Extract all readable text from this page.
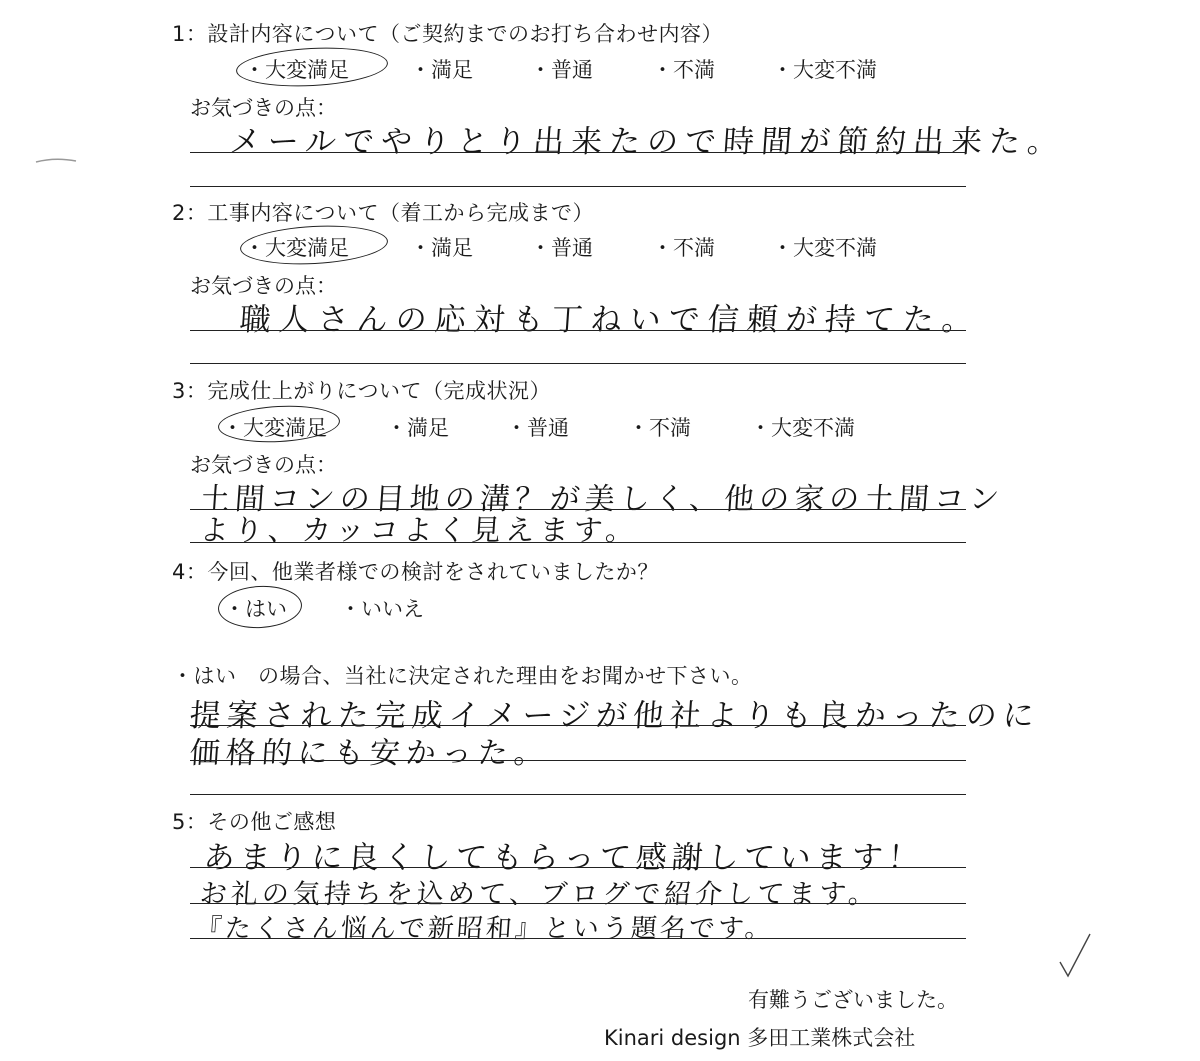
1：設計内容について（ご契約までのお打ち合わせ内容）
・大変満足	・満足	・普通	・不満	・大変不満
お気づきの点：
メールでやりとり出来たので時間が節約出来た。
2：工事内容について（着工から完成まで）
・大変満足	・満足	・普通	・不満	・大変不満
お気づきの点：
職人さんの応対も丁ねいで信頼が持てた。
3：完成仕上がりについて（完成状況）
・大変満足	・満足	・普通	・不満	・大変不満
お気づきの点：
土間コンの目地の溝？が美しく、他の家の土間コン
より、カッコよく見えます。
4：今回、他業者様での検討をされていましたか？
・はい	・いいえ
・はい　の場合、当社に決定された理由をお聞かせ下さい。
提案された完成イメージが他社よりも良かったのに
価格的にも安かった。
5：その他ご感想
あまりに良くしてもらって感謝しています！
お礼の気持ちを込めて、ブログで紹介してます。
『たくさん悩んで新昭和』という題名です。
有難うございました。
Kinari design 多田工業株式会社
